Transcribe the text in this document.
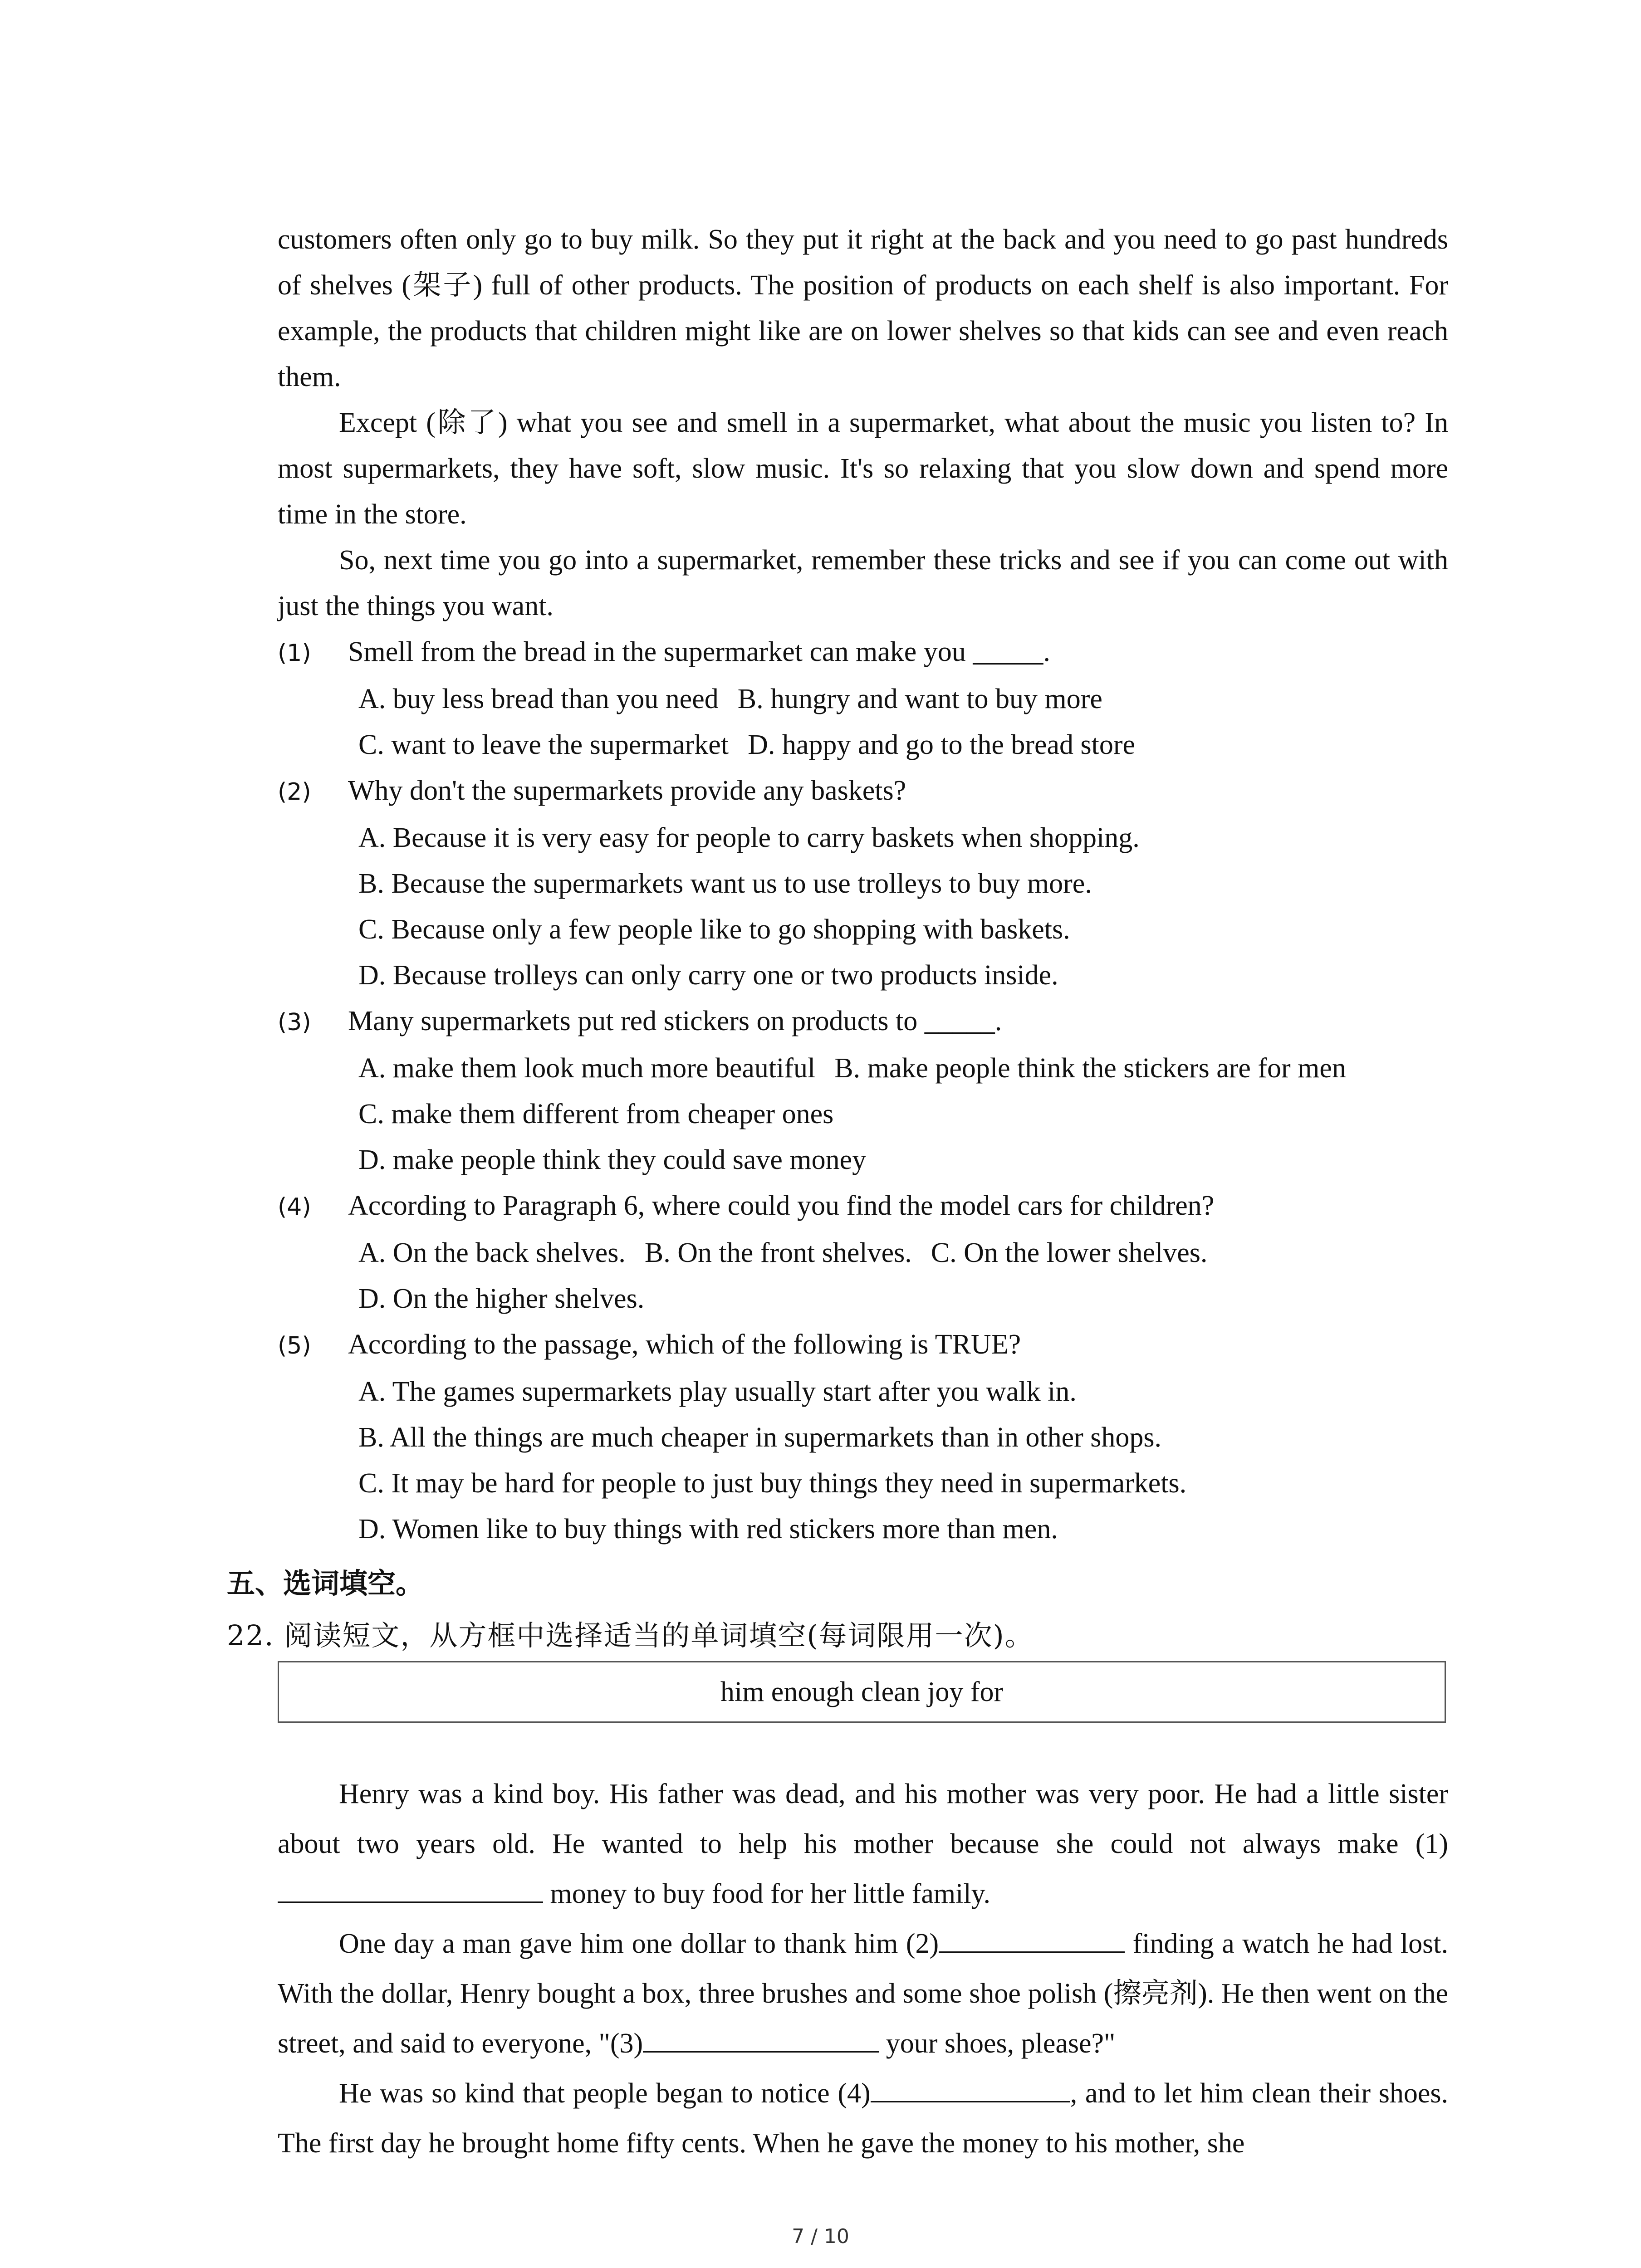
customers often only go to buy milk. So they put it right at the back and you need to go past hundreds of shelves (架子) full of other products. The position of products on each shelf is also important. For example, the products that children might like are on lower shelves so that kids can see and even reach them.

Except (除了) what you see and smell in a supermarket, what about the music you listen to? In most supermarkets, they have soft, slow music. It's so relaxing that you slow down and spend more time in the store.

So, next time you go into a supermarket, remember these tricks and see if you can come out with just the things you want.

(1)	Smell from the bread in the supermarket can make you _____.
A. buy less bread than you need B. hungry and want to buy more
C. want to leave the supermarket D. happy and go to the bread store
(2)	Why don't the supermarkets provide any baskets?
A. Because it is very easy for people to carry baskets when shopping.
B. Because the supermarkets want us to use trolleys to buy more.
C. Because only a few people like to go shopping with baskets.
D. Because trolleys can only carry one or two products inside.
(3)	Many supermarkets put red stickers on products to _____.
A. make them look much more beautiful B. make people think the stickers are for men
C. make them different from cheaper ones
D. make people think they could save money
(4)	According to Paragraph 6, where could you find the model cars for children?
A. On the back shelves. B. On the front shelves. C. On the lower shelves.
D. On the higher shelves.
(5)	According to the passage, which of the following is TRUE?
A. The games supermarkets play usually start after you walk in.
B. All the things are much cheaper in supermarkets than in other shops.
C. It may be hard for people to just buy things they need in supermarkets.
D. Women like to buy things with red stickers more than men.
五、选词填空。
22. 阅读短文，从方框中选择适当的单词填空(每词限用一次)。
him enough clean joy for

Henry was a kind boy. His father was dead, and his mother was very poor. He had a little sister about two years old. He wanted to help his mother because she could not always make (1) money to buy food for her little family.

One day a man gave him one dollar to thank him (2)	finding a watch he had lost. With the dollar, Henry bought a box, three brushes and some shoe polish (擦亮剂). He then went on the street, and said to everyone, "(3)	your shoes, please?"

He was so kind that people began to notice (4)	, and to let him clean their shoes. The first day he brought home fifty cents. When he gave the money to his mother, she

7 / 10
